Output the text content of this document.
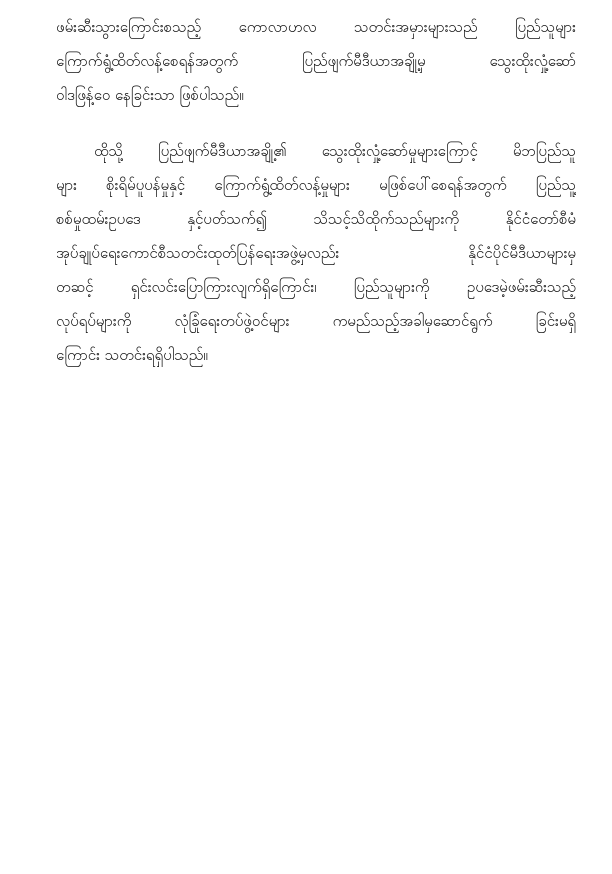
ဖမ်းဆီးသွားကြောင်းစသည့် ကောလာဟလ သတင်းအမှားများသည် ပြည်သူများ
ကြောက်ရွံ့ထိတ်လန့်စေရန်အတွက် ပြည်ဖျက်မီဒီယာအချို့မှ သွေးထိုးလှုံ့ဆော်
ဝါဒဖြန့်ဝေ နေခြင်းသာ ဖြစ်ပါသည်။
ထိုသို့ ပြည်ဖျက်မီဒီယာအချို့၏ သွေးထိုးလှုံ့ဆော်မှုများကြောင့် မိဘပြည်သူ
များ စိုးရိမ်ပူပန်မှုနှင့် ကြောက်ရွံ့ထိတ်လန့်မှုများ မဖြစ်ပေါ်စေရန်အတွက် ပြည်သူ့
စစ်မှုထမ်းဥပဒေ နှင့်ပတ်သက်၍ သိသင့်သိထိုက်သည်များကို နိုင်ငံတော်စီမံ
အုပ်ချုပ်ရေးကောင်စီသတင်းထုတ်ပြန်ရေးအဖွဲ့မှလည်း နိုင်ငံပိုင်မီဒီယာများမှ
တဆင့် ရှင်းလင်းပြောကြားလျက်ရှိကြောင်း၊ ပြည်သူများကို ဥပဒေမဲ့ဖမ်းဆီးသည့်
လုပ်ရပ်များကို လုံခြုံရေးတပ်ဖွဲ့ဝင်များ ကမည်သည့်အခါမှဆောင်ရွက် ခြင်းမရှိ
ကြောင်း သတင်းရရှိပါသည်။
